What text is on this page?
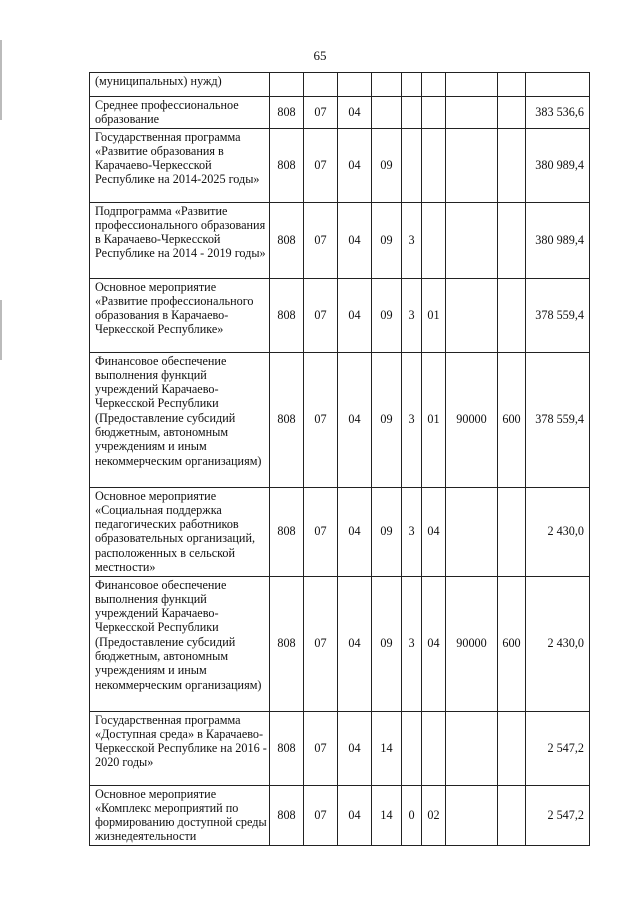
65
(муниципальных) нужд)									
Среднее профессиональное образование	808	07	04						383 536,6
Государственная программа «Развитие образования в Карачаево-Черкесской Республике на 2014-2025 годы»	808	07	04	09					380 989,4
Подпрограмма «Развитие профессионального образования в Карачаево-Черкесской Республике на 2014 - 2019 годы»	808	07	04	09	3				380 989,4
Основное мероприятие «Развитие профессионального образования в Карачаево-Черкесской Республике»	808	07	04	09	3	01			378 559,4
Финансовое обеспечение выполнения функций учреждений Карачаево-Черкесской Республики (Предоставление субсидий бюджетным, автономным учреждениям и иным некоммерческим организациям)	808	07	04	09	3	01	90000	600	378 559,4
Основное мероприятие «Социальная поддержка педагогических работников образовательных организаций, расположенных в сельской местности»	808	07	04	09	3	04			2 430,0
Финансовое обеспечение выполнения функций учреждений Карачаево-Черкесской Республики (Предоставление субсидий бюджетным, автономным учреждениям и иным некоммерческим организациям)	808	07	04	09	3	04	90000	600	2 430,0
Государственная программа «Доступная среда» в Карачаево-Черкесской Республике на 2016 - 2020 годы»	808	07	04	14					2 547,2
Основное мероприятие «Комплекс мероприятий по формированию доступной среды жизнедеятельности	808	07	04	14	0	02			2 547,2
